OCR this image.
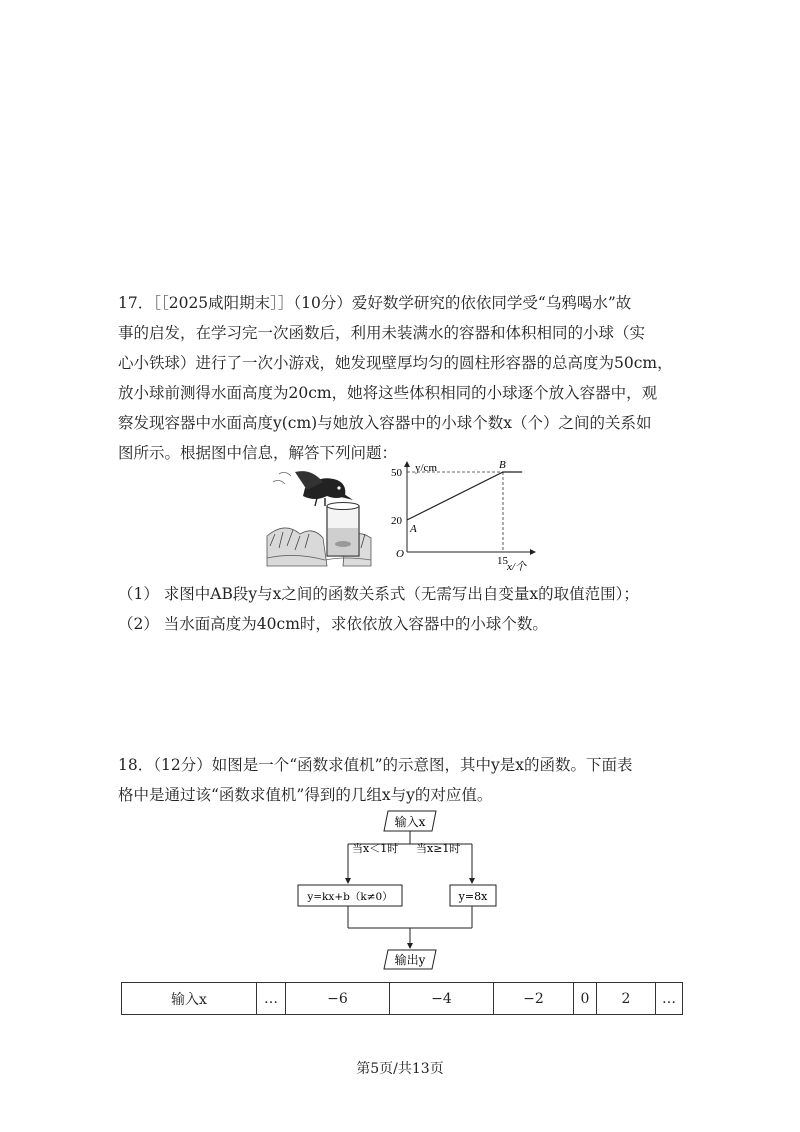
17．［［2025咸阳期末］］（10分）爱好数学研究的依依同学受“乌鸦喝水”故

事的启发，在学习完一次函数后，利用未装满水的容器和体积相同的小球（实

心小铁球）进行了一次小游戏，她发现壁厚均匀的圆柱形容器的总高度为50cm，

放小球前测得水面高度为20cm，她将这些体积相同的小球逐个放入容器中，观

察发现容器中水面高度y(cm)与她放入容器中的小球个数x（个）之间的关系如

图所示。根据图中信息，解答下列问题：

y/cm
x/个
O
50
20
15
A
B
（1） 求图中AB段y与x之间的函数关系式（无需写出自变量x的取值范围）；
（2） 当水面高度为40cm时，求依依放入容器中的小球个数。

18．（12分）如图是一个“函数求值机”的示意图，其中y是x的函数。下面表

格中是通过该“函数求值机”得到的几组x与y的对应值。

输入x
当x＜1时 当x≥1时
y=kx+b（k≠0）	y=8x
输出y
输入x	…	−6	−4	−2	0	2	…
第5页/共13页
